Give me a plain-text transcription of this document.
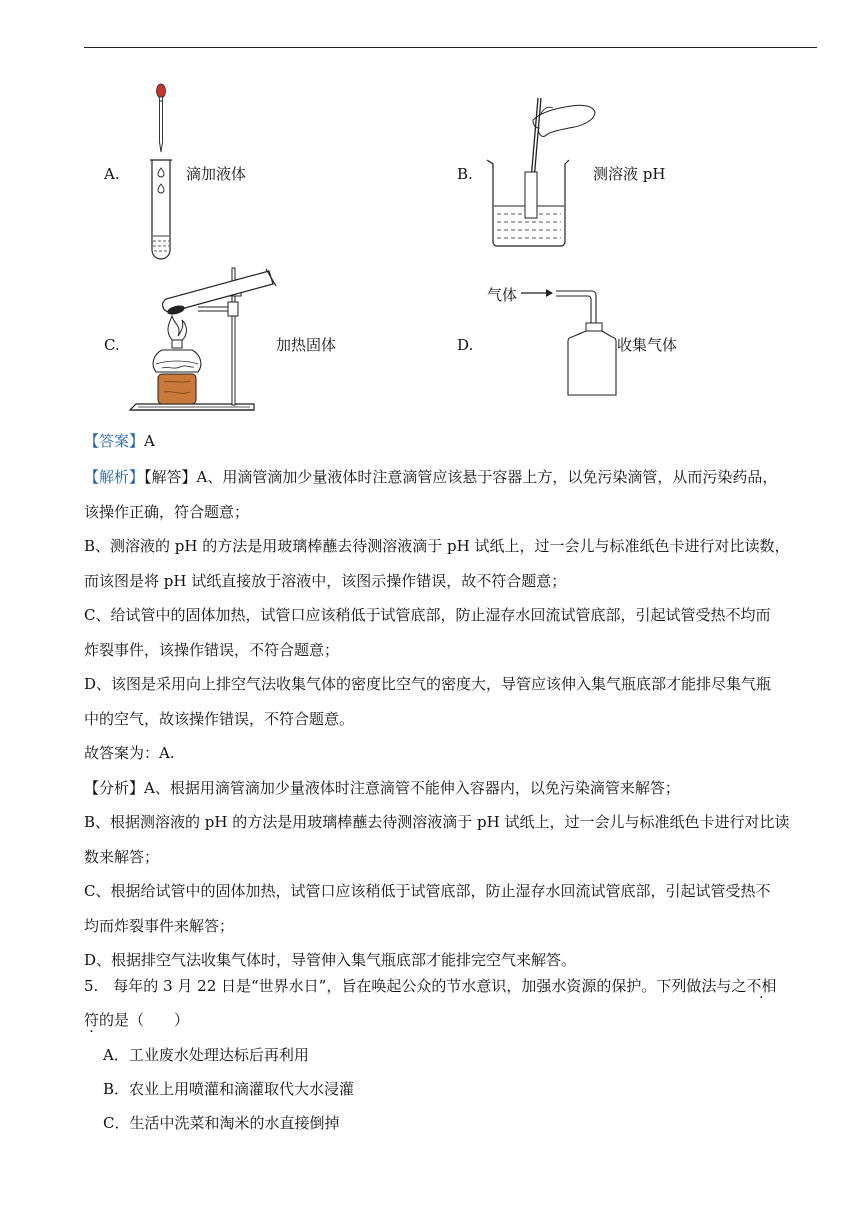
A.	滴加液体	B.	测溶液 pH
C.	加热固体	D.	收集气体
气体
【答案】A
【解析】【解答】A、用滴管滴加少量液体时注意滴管应该悬于容器上方，以免污染滴管，从而污染药品，
该操作正确，符合题意；
B、测溶液的 pH 的方法是用玻璃棒蘸去待测溶液滴于 pH 试纸上，过一会儿与标准纸色卡进行对比读数，
而该图是将 pH 试纸直接放于溶液中，该图示操作错误，故不符合题意；
C、给试管中的固体加热，试管口应该稍低于试管底部，防止湿存水回流试管底部，引起试管受热不均而
炸裂事件，该操作错误，不符合题意；
D、该图是采用向上排空气法收集气体的密度比空气的密度大，导管应该伸入集气瓶底部才能排尽集气瓶
中的空气，故该操作错误，不符合题意。
故答案为：A.
【分析】A、根据用滴管滴加少量液体时注意滴管不能伸入容器内，以免污染滴管来解答；
B、根据测溶液的 pH 的方法是用玻璃棒蘸去待测溶液滴于 pH 试纸上，过一会儿与标准纸色卡进行对比读
数来解答；
C、根据给试管中的固体加热，试管口应该稍低于试管底部，防止湿存水回流试管底部，引起试管受热不
均而炸裂事件来解答；
D、根据排空气法收集气体时，导管伸入集气瓶底部才能排完空气来解答。
5.　每年的 3 月 22 日是“世界水日”，旨在唤起公众的节水意识，加强水资源的保护。下列做法与之不相
符的是（　　）
A．工业废水处理达标后再利用
B．农业上用喷灌和滴灌取代大水浸灌
C．生活中洗菜和淘米的水直接倒掉
